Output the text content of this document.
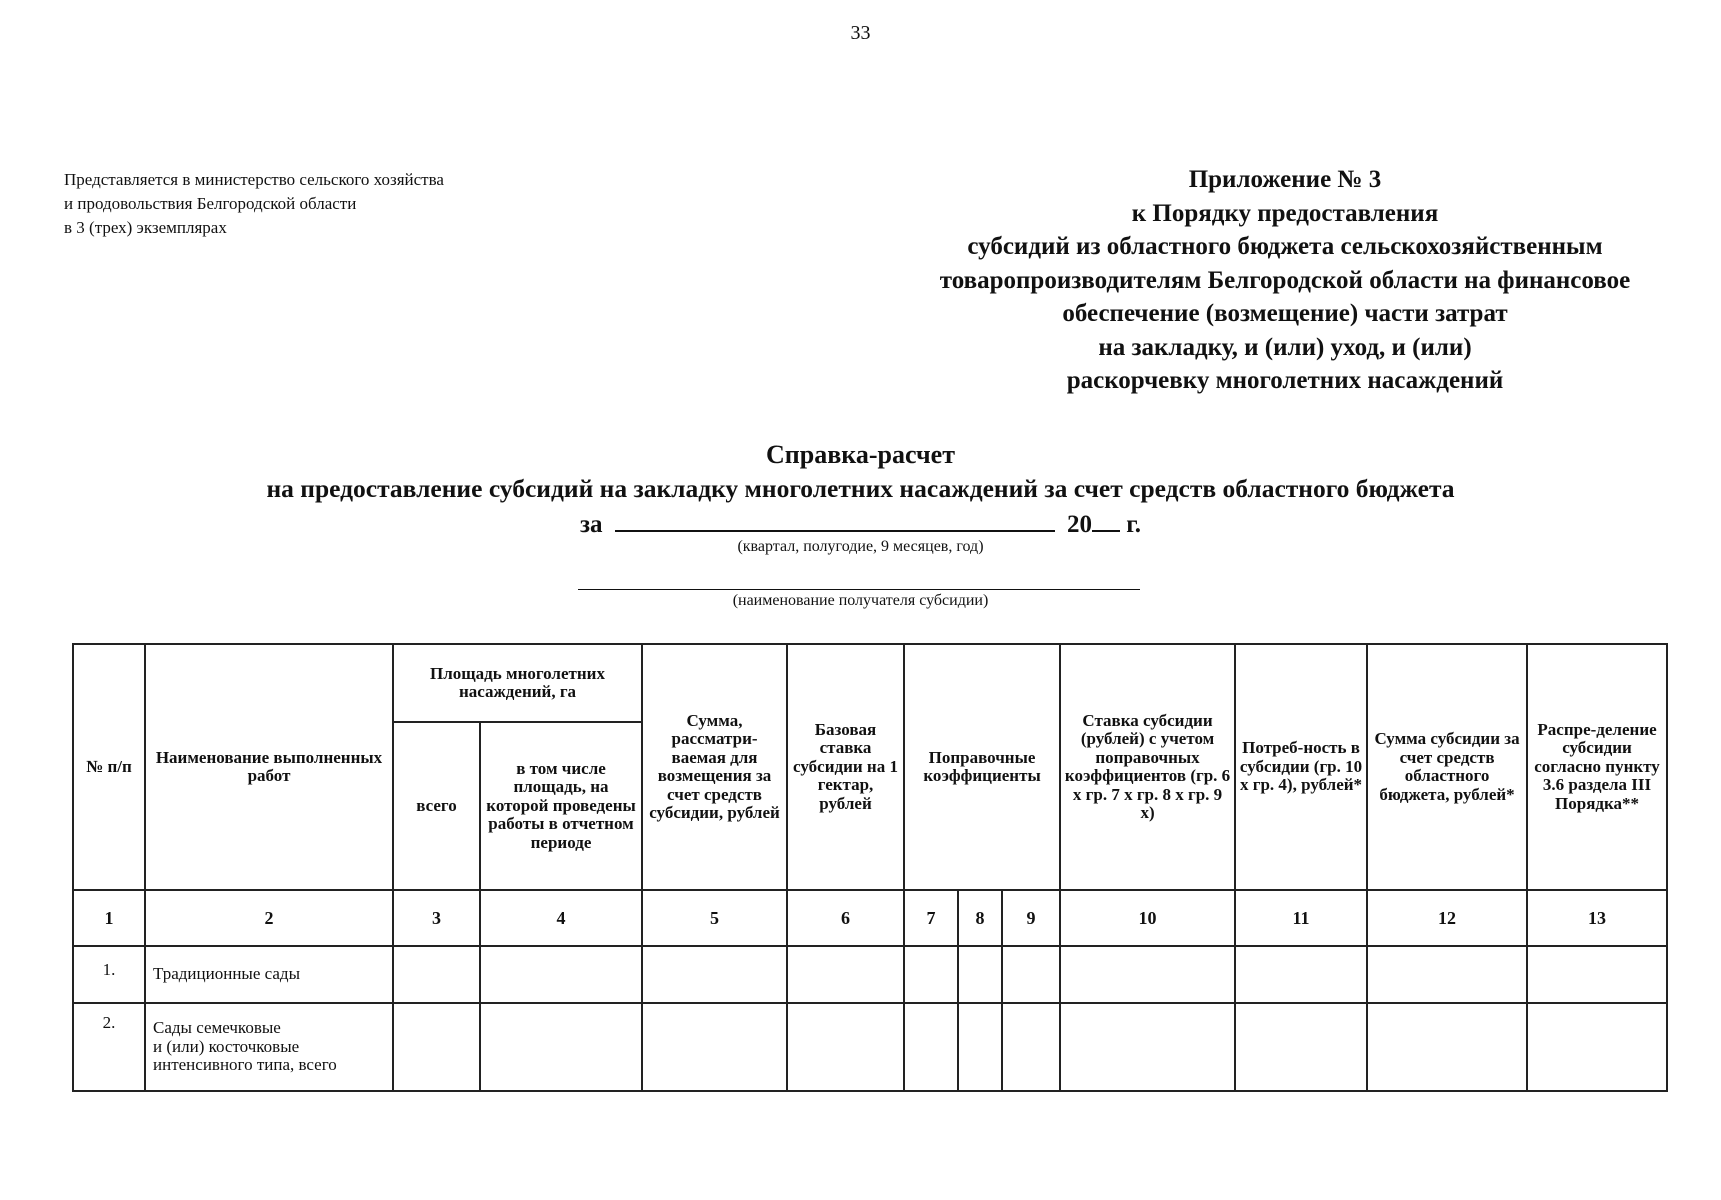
33
Представляется в министерство сельского хозяйства
и продовольствия Белгородской области
в 3 (трех) экземплярах
Приложение № 3
к Порядку предоставления
субсидий из областного бюджета сельскохозяйственным
товаропроизводителям Белгородской области на финансовое
обеспечение (возмещение) части затрат
на закладку, и (или) уход, и (или)
раскорчевку многолетних насаждений
Справка-расчет
на предоставление субсидий на закладку многолетних насаждений за счет средств областного бюджета
за	20 г.
(квартал, полугодие, 9 месяцев, год)
(наименование получателя субсидии)
№ п/п	Наименование выполненных работ	Площадь многолетних насаждений, га		Сумма, рассматри-ваемая для возмещения за счет средств субсидии, рублей	Базовая ставка субсидии на 1 гектар, рублей	Поправочные коэффициенты			Ставка субсидии (рублей) с учетом поправочных коэффициентов (гр. 6 х гр. 7 х гр. 8 х гр. 9 х)	Потреб-ность в субсидии (гр. 10 х гр. 4), рублей*	Сумма субсидии за счет средств областного бюджета, рублей*	Распре-деление субсидии согласно пункту 3.6 раздела III Порядка**
		всего	в том числе площадь, на которой проведены работы в отчетном периоде									
1	2	3	4	5	6	7	8	9	10	11	12	13
1.	Традиционные сады											
2.	Сады семечковые
и (или) косточковые
интенсивного типа, всего											
